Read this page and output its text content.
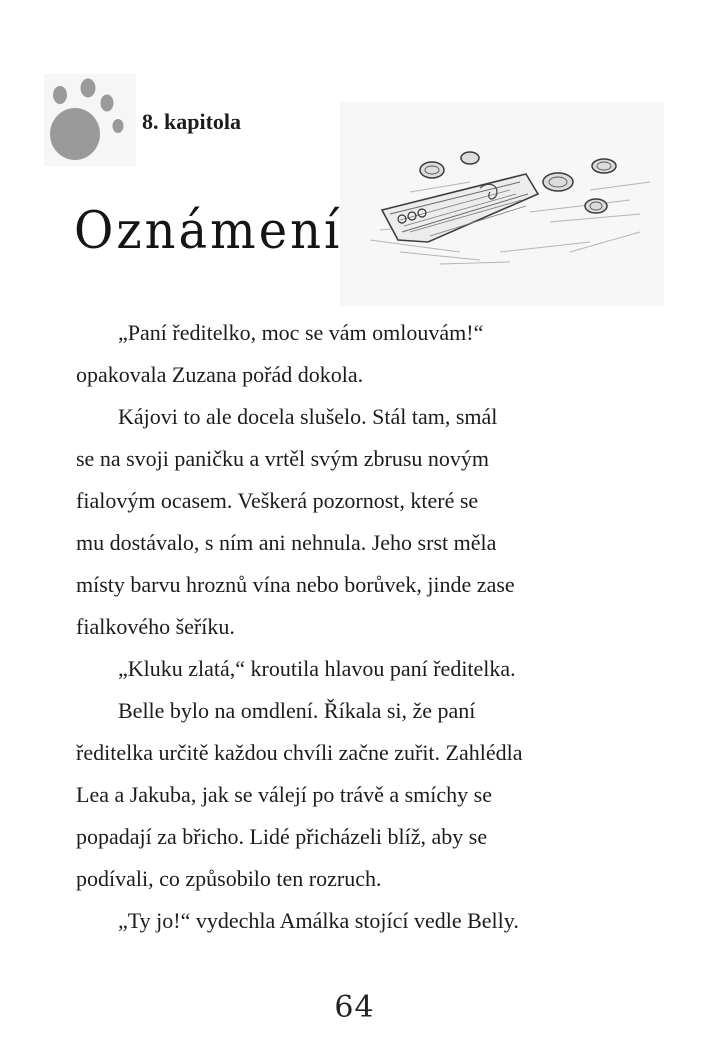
8. kapitola
Oznámení
„Paní ředitelko, moc se vám omlouvám!“
opakovala Zuzana pořád dokola.
Kájovi to ale docela slušelo. Stál tam, smál
se na svoji paničku a vrtěl svým zbrusu novým
fialovým ocasem. Veškerá pozornost, které se
mu dostávalo, s ním ani nehnula. Jeho srst měla
místy barvu hroznů vína nebo borůvek, jinde zase
fialkového šeříku.
„Kluku zlatá,“ kroutila hlavou paní ředitelka.
Belle bylo na omdlení. Říkala si, že paní
ředitelka určitě každou chvíli začne zuřit. Zahlédla
Lea a Jakuba, jak se válejí po trávě a smíchy se
popadají za břicho. Lidé přicházeli blíž, aby se
podívali, co způsobilo ten rozruch.
„Ty jo!“ vydechla Amálka stojící vedle Belly.
64
